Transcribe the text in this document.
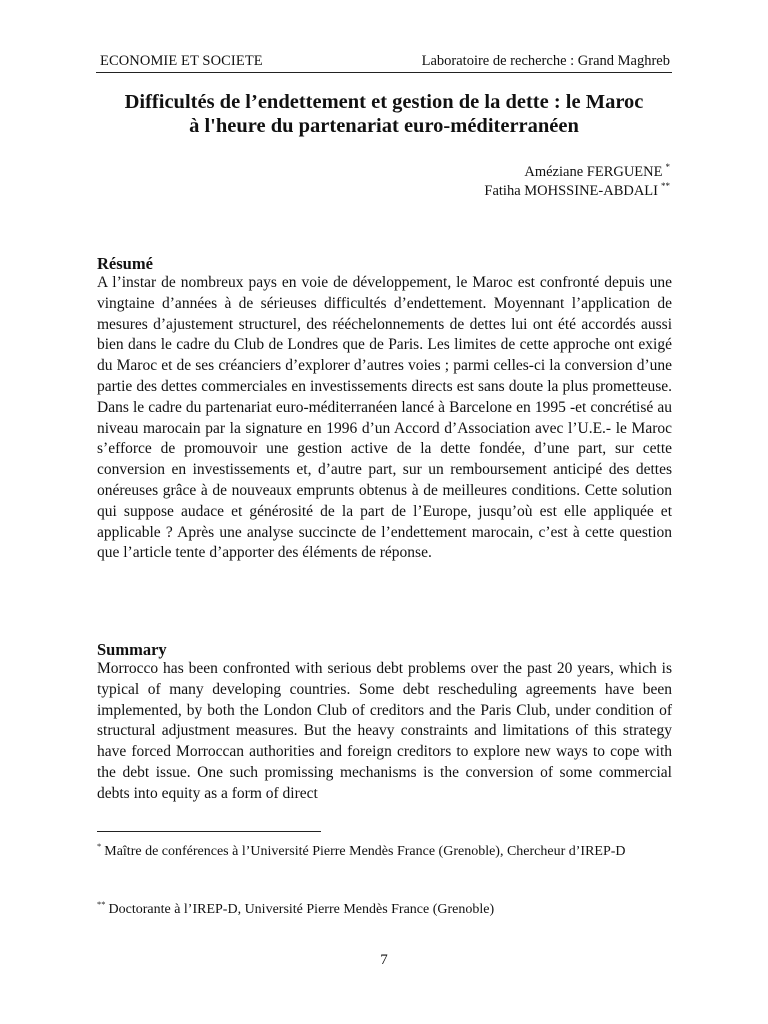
ECONOMIE ET SOCIETE	Laboratoire de recherche : Grand Maghreb
Difficultés de l’endettement et gestion de la dette : le Maroc
à l'heure du partenariat euro-méditerranéen
Améziane FERGUENE *
Fatiha MOHSSINE-ABDALI **
Résumé

A l’instar de nombreux pays en voie de développement, le Maroc est confronté depuis une vingtaine d’années à de sérieuses difficultés d’endettement. Moyennant l’application de mesures d’ajustement structurel, des rééchelonnements de dettes lui ont été accordés aussi bien dans le cadre du Club de Londres que de Paris. Les limites de cette approche ont exigé du Maroc et de ses créanciers d’explorer d’autres voies ; parmi celles-ci la conversion d’une partie des dettes commerciales en investissements directs est sans doute la plus prometteuse. Dans le cadre du partenariat euro-méditerranéen lancé à Barcelone en 1995 -et concrétisé au niveau marocain par la signature en 1996 d’un Accord d’Association avec l’U.E.- le Maroc s’efforce de promouvoir une gestion active de la dette fondée, d’une part, sur cette conversion en investissements et, d’autre part, sur un remboursement anticipé des dettes onéreuses grâce à de nouveaux emprunts obtenus à de meilleures conditions. Cette solution qui suppose audace et générosité de la part de l’Europe, jusqu’où est elle appliquée et applicable ? Après une analyse succincte de l’endettement marocain, c’est à cette question que l’article tente d’apporter des éléments de réponse.

Summary

Morrocco has been confronted with serious debt problems over the past 20 years, which is typical of many developing countries. Some debt rescheduling agreements have been implemented, by both the London Club of creditors and the Paris Club, under condition of structural adjustment measures. But the heavy constraints and limitations of this strategy have forced Morroccan authorities and foreign creditors to explore new ways to cope with the debt issue. One such promissing mechanisms is the conversion of some commercial debts into equity as a form of direct

* Maître de conférences à l’Université Pierre Mendès France (Grenoble), Chercheur d’IREP-D

** Doctorante à l’IREP-D, Université Pierre Mendès France (Grenoble)

7
